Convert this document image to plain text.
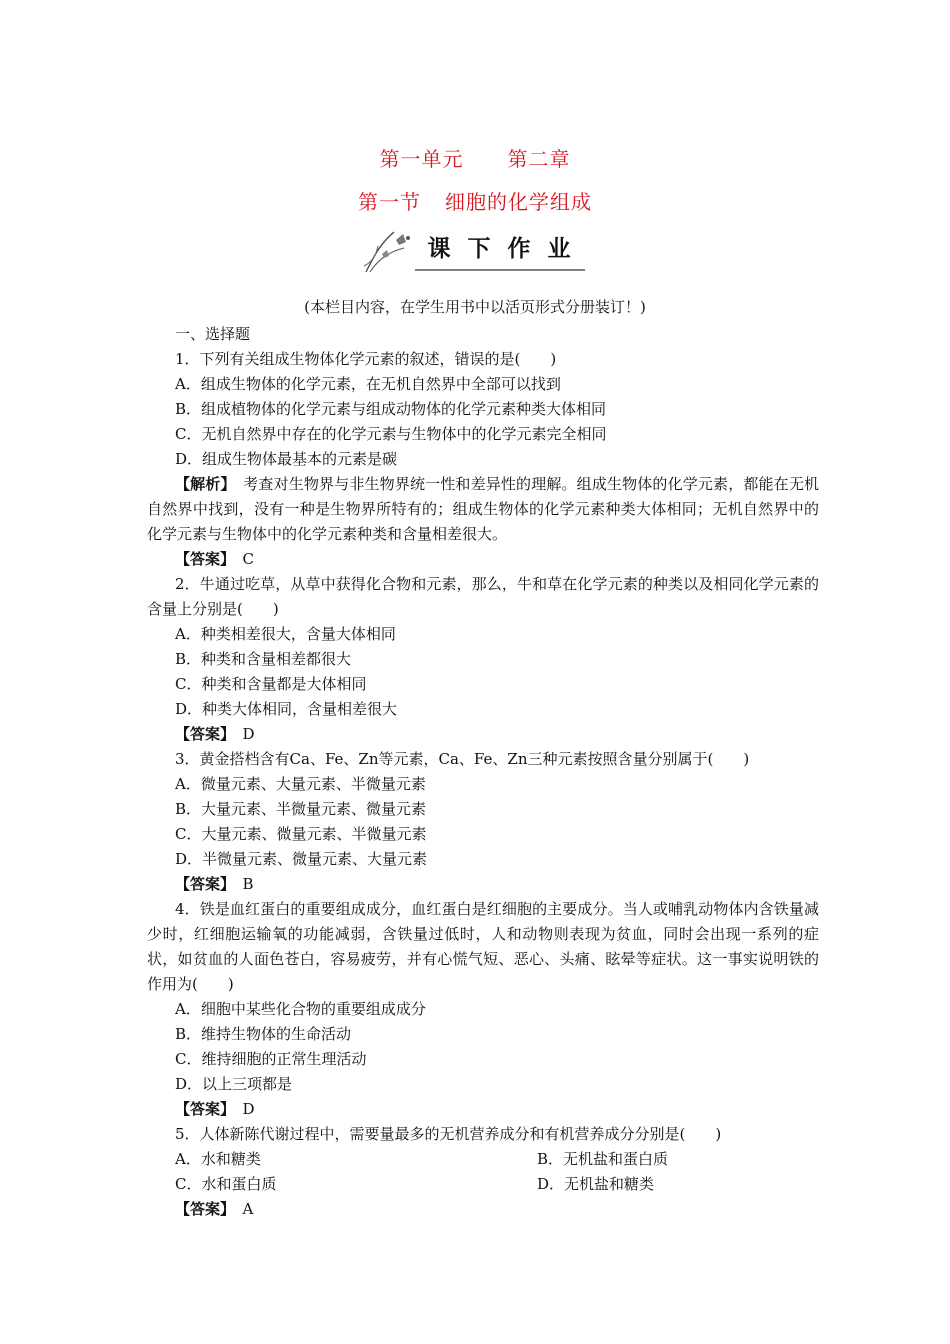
第一单元 第二章
第一节 细胞的化学组成
课 下 作 业
(本栏目内容，在学生用书中以活页形式分册装订！)
一、选择题
1．下列有关组成生物体化学元素的叙述，错误的是(　　)
A．组成生物体的化学元素，在无机自然界中全部可以找到
B．组成植物体的化学元素与组成动物体的化学元素种类大体相同
C．无机自然界中存在的化学元素与生物体中的化学元素完全相同
D．组成生物体最基本的元素是碳
【解析】　 考查对生物界与非生物界统一性和差异性的理解。组成生物体的化学元素，都能在无机自然界中找到，没有一种是生物界所特有的；组成生物体的化学元素种类大体相同；无机自然界中的化学元素与生物体中的化学元素种类和含量相差很大。
【答案】　 C
2．牛通过吃草，从草中获得化合物和元素，那么，牛和草在化学元素的种类以及相同化学元素的含量上分别是(　　)
A．种类相差很大，含量大体相同
B．种类和含量相差都很大
C．种类和含量都是大体相同
D．种类大体相同，含量相差很大
【答案】　 D
3．黄金搭档含有Ca、Fe、Zn等元素，Ca、Fe、Zn三种元素按照含量分别属于(　　)
A．微量元素、大量元素、半微量元素
B．大量元素、半微量元素、微量元素
C．大量元素、微量元素、半微量元素
D．半微量元素、微量元素、大量元素
【答案】　 B
4．铁是血红蛋白的重要组成成分，血红蛋白是红细胞的主要成分。当人或哺乳动物体内含铁量减少时，红细胞运输氧的功能减弱，含铁量过低时，人和动物则表现为贫血，同时会出现一系列的症状，如贫血的人面色苍白，容易疲劳，并有心慌气短、恶心、头痛、眩晕等症状。这一事实说明铁的作用为(　　)
A．细胞中某些化合物的重要组成成分
B．维持生物体的生命活动
C．维持细胞的正常生理活动
D．以上三项都是
【答案】　 D
5．人体新陈代谢过程中，需要量最多的无机营养成分和有机营养成分分别是(　　)
A．水和糖类	B．无机盐和蛋白质
C．水和蛋白质	D．无机盐和糖类
【答案】　 A
